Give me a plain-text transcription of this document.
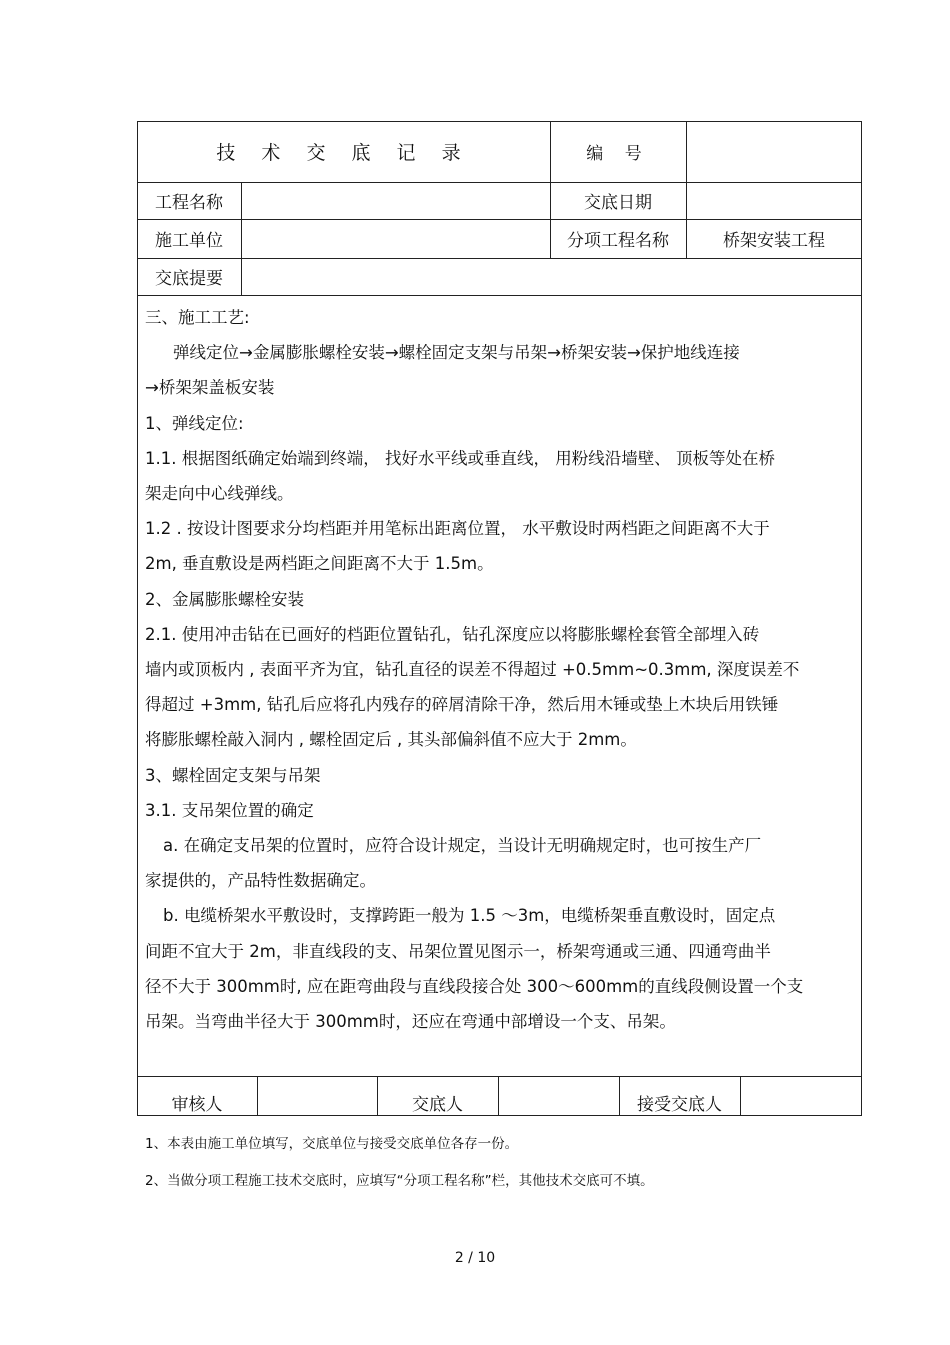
技 术 交 底 记 录	编 号
工程名称	交底日期
施工单位	分项工程名称	桥架安装工程
交底提要

三、施工工艺:

弹线定位→金属膨胀螺栓安装→螺栓固定支架与吊架→桥架安装→保护地线连接

→桥架架盖板安装

1、弹线定位:

1.1. 根据图纸确定始端到终端， 找好水平线或垂直线， 用粉线沿墙壁、 顶板等处在桥

架走向中心线弹线。

1.2 . 按设计图要求分均档距并用笔标出距离位置， 水平敷设时两档距之间距离不大于

2m, 垂直敷设是两档距之间距离不大于 1.5m。

2、金属膨胀螺栓安装

2.1. 使用冲击钻在已画好的档距位置钻孔，钻孔深度应以将膨胀螺栓套管全部埋入砖

墙内或顶板内 , 表面平齐为宜，钻孔直径的误差不得超过 +0.5mm~0.3mm, 深度误差不

得超过 +3mm, 钻孔后应将孔内残存的碎屑清除干净，然后用木锤或垫上木块后用铁锤

将膨胀螺栓敲入洞内 , 螺栓固定后 , 其头部偏斜值不应大于 2mm。

3、螺栓固定支架与吊架

3.1. 支吊架位置的确定

a. 在确定支吊架的位置时，应符合设计规定，当设计无明确规定时，也可按生产厂

家提供的，产品特性数据确定。

b. 电缆桥架水平敷设时，支撑跨距一般为 1.5 ～3m，电缆桥架垂直敷设时，固定点

间距不宜大于 2m，非直线段的支、吊架位置见图示一，桥架弯通或三通、四通弯曲半

径不大于 300mm时, 应在距弯曲段与直线段接合处 300～600mm的直线段侧设置一个支

吊架。当弯曲半径大于 300mm时，还应在弯通中部增设一个支、吊架。

审核人	交底人	接受交底人
1、本表由施工单位填写，交底单位与接受交底单位各存一份。
2、当做分项工程施工技术交底时，应填写“分项工程名称”栏，其他技术交底可不填。
2 / 10
